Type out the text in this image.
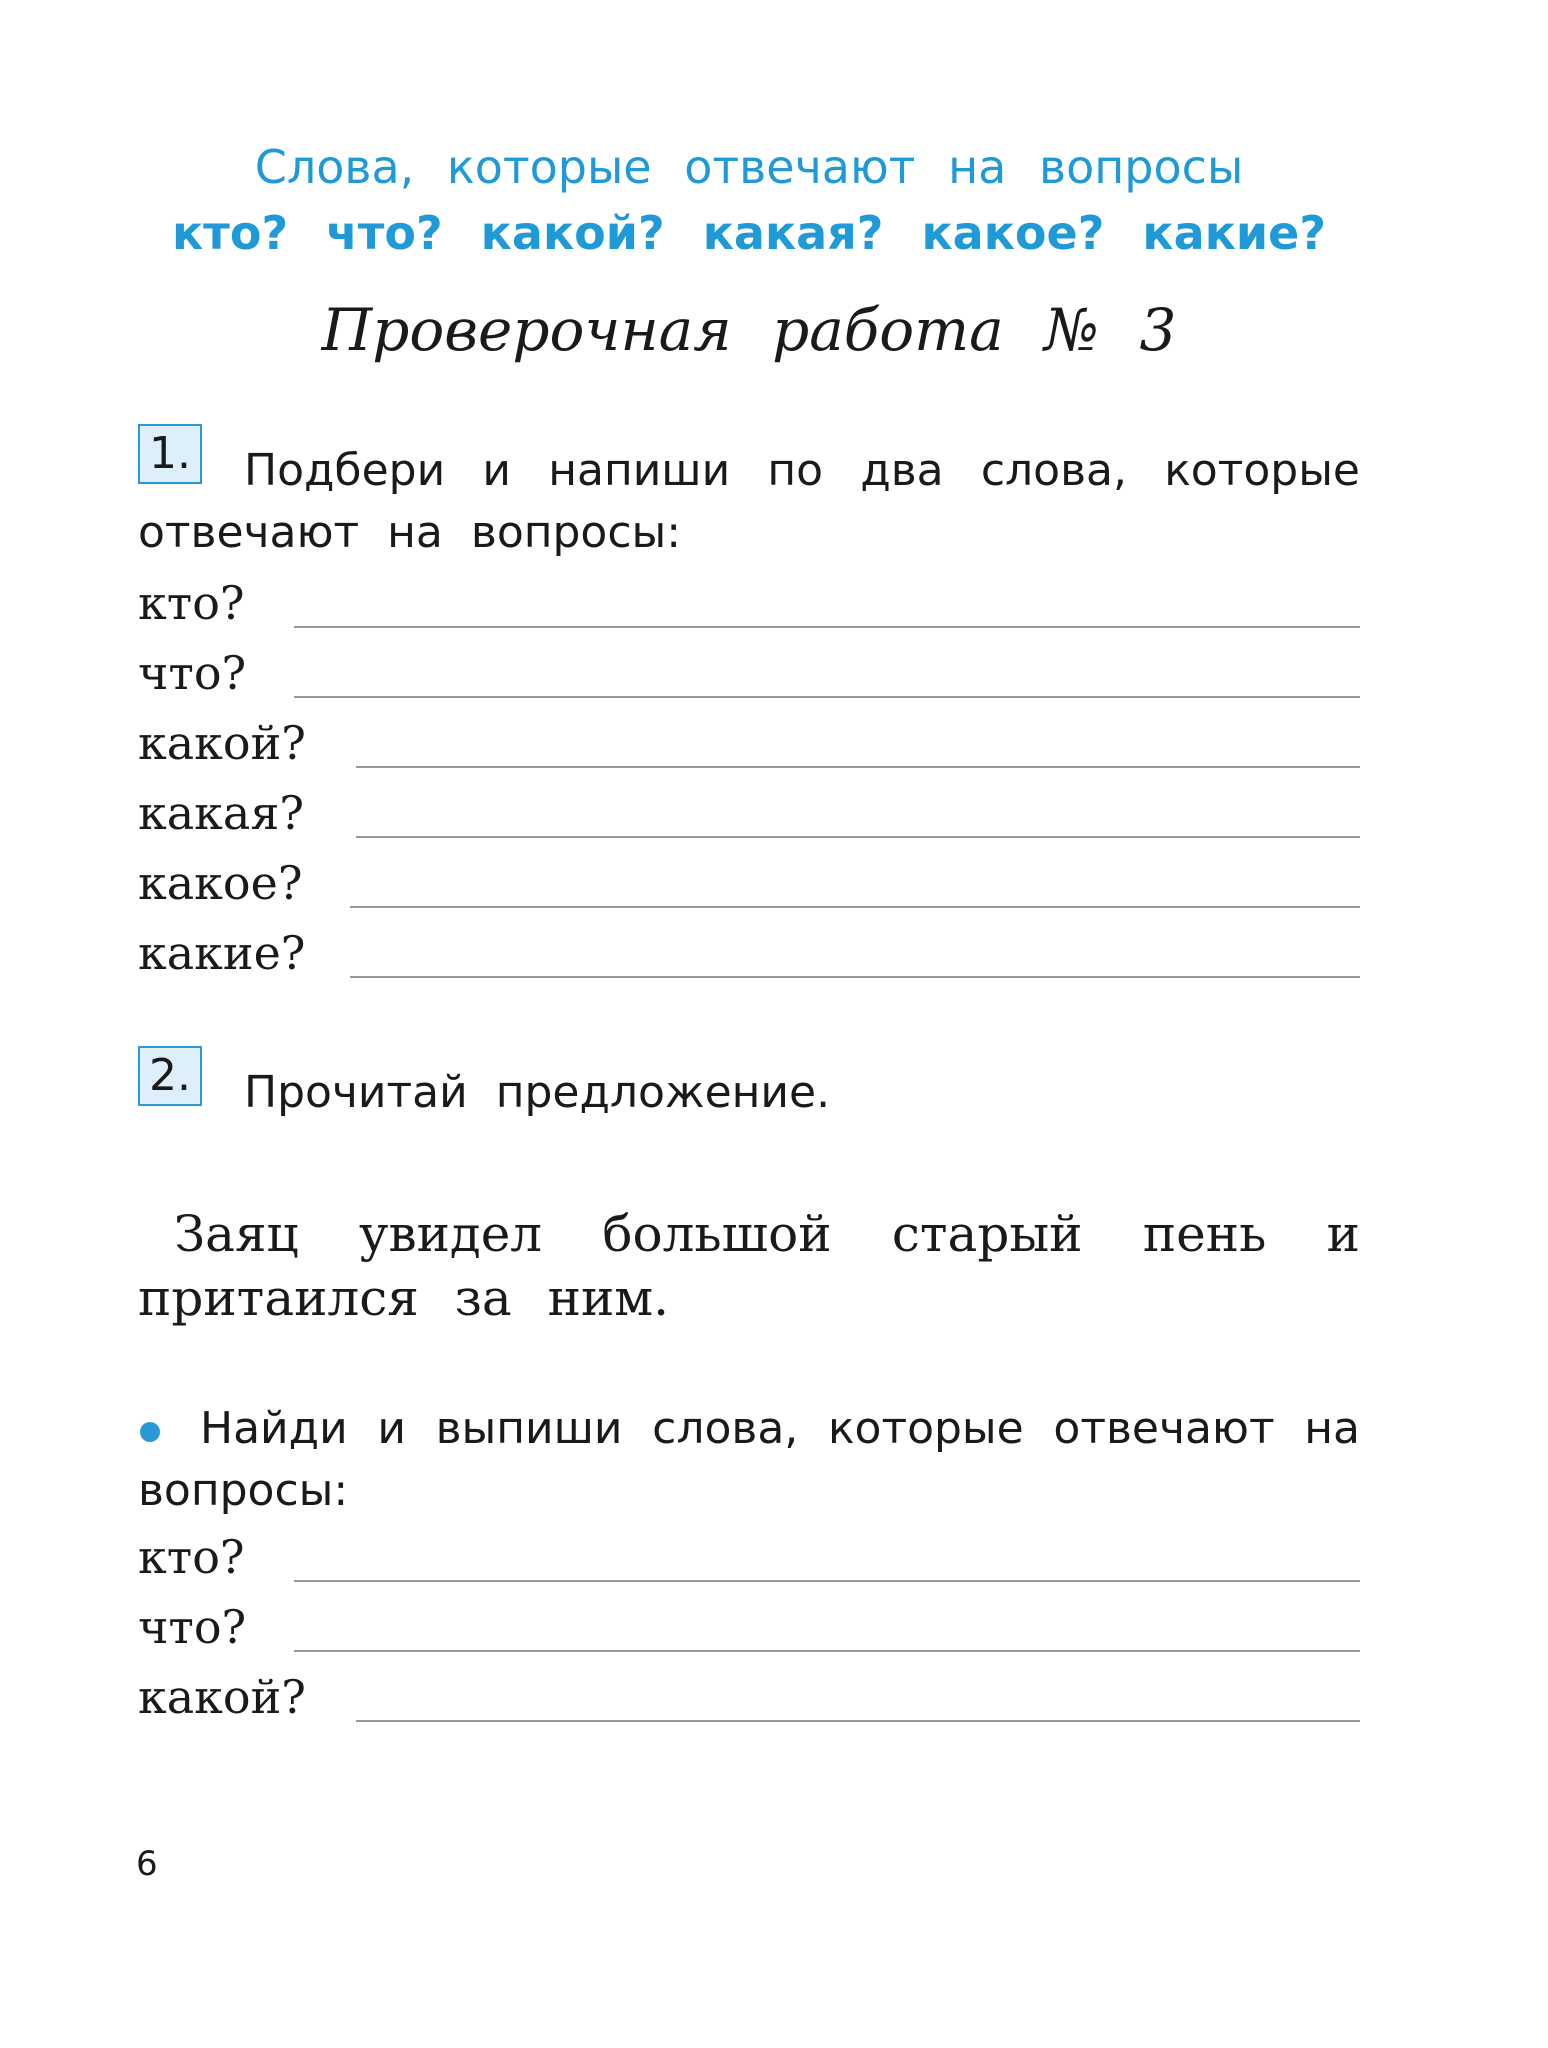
Слова, которые отвечают на вопросы
кто? что? какой? какая? какое? какие?
Проверочная работа № 3
1.	Подбери и напиши по два слова, которые отвечают на вопросы:
кто?
что?
какой?
какая?
какое?
какие?
2. Прочитай предложение.
Заяц увидел большой старый пень и притаился за ним.
Найди и выпиши слова, которые отвечают на вопросы:
кто?
что?
какой?
6
